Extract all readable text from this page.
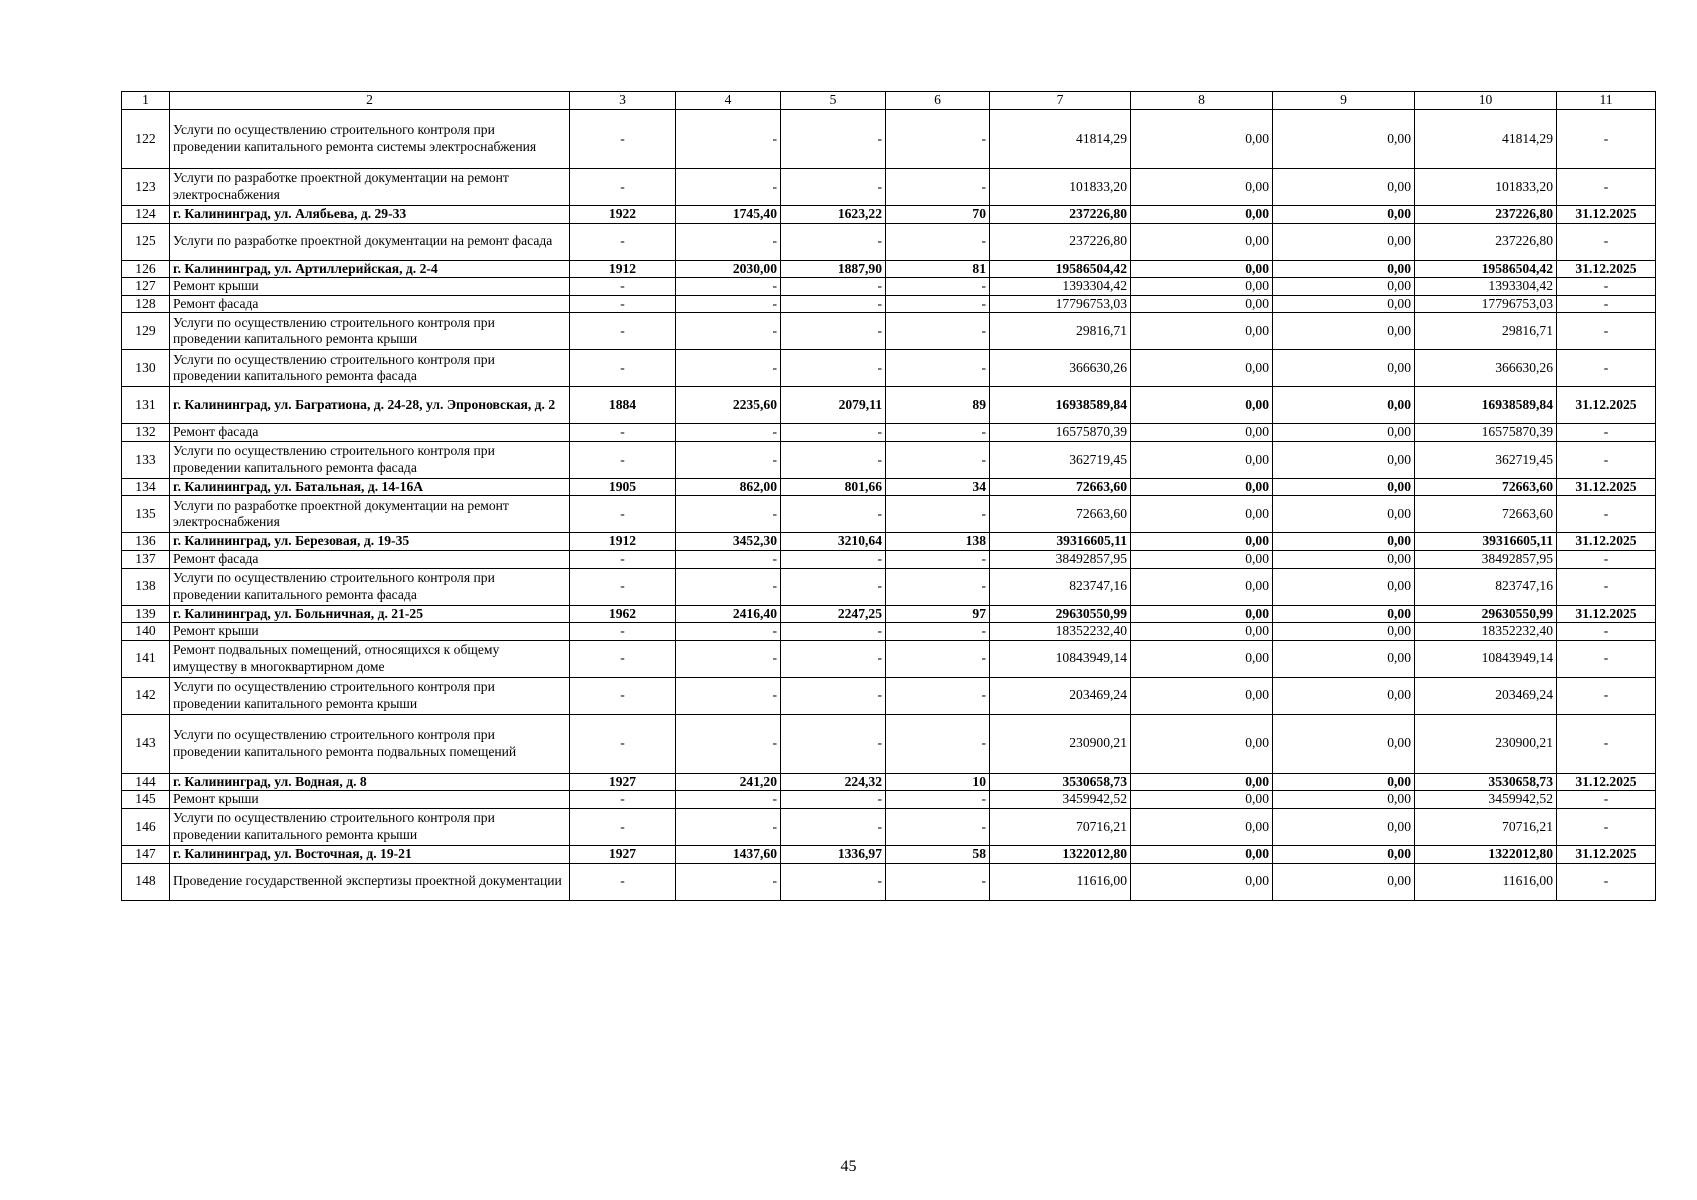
1	2	3	4	5	6	7	8	9	10	11
122	Услуги по осуществлению строительного контроля при проведении капитального ремонта системы электроснабжения	-	-	-	-	41814,29	0,00	0,00	41814,29	-
123	Услуги по разработке проектной документации на ремонт электроснабжения	-	-	-	-	101833,20	0,00	0,00	101833,20	-
124	г. Калининград, ул. Алябьева, д. 29-33	1922	1745,40	1623,22	70	237226,80	0,00	0,00	237226,80	31.12.2025
125	Услуги по разработке проектной документации на ремонт фасада	-	-	-	-	237226,80	0,00	0,00	237226,80	-
126	г. Калининград, ул. Артиллерийская, д. 2-4	1912	2030,00	1887,90	81	19586504,42	0,00	0,00	19586504,42	31.12.2025
127	Ремонт крыши	-	-	-	-	1393304,42	0,00	0,00	1393304,42	-
128	Ремонт фасада	-	-	-	-	17796753,03	0,00	0,00	17796753,03	-
129	Услуги по осуществлению строительного контроля при проведении капитального ремонта крыши	-	-	-	-	29816,71	0,00	0,00	29816,71	-
130	Услуги по осуществлению строительного контроля при проведении капитального ремонта фасада	-	-	-	-	366630,26	0,00	0,00	366630,26	-
131	г. Калининград, ул. Багратиона, д. 24-28, ул. Эпроновская, д. 2	1884	2235,60	2079,11	89	16938589,84	0,00	0,00	16938589,84	31.12.2025
132	Ремонт фасада	-	-	-	-	16575870,39	0,00	0,00	16575870,39	-
133	Услуги по осуществлению строительного контроля при проведении капитального ремонта фасада	-	-	-	-	362719,45	0,00	0,00	362719,45	-
134	г. Калининград, ул. Батальная, д. 14-16А	1905	862,00	801,66	34	72663,60	0,00	0,00	72663,60	31.12.2025
135	Услуги по разработке проектной документации на ремонт электроснабжения	-	-	-	-	72663,60	0,00	0,00	72663,60	-
136	г. Калининград, ул. Березовая, д. 19-35	1912	3452,30	3210,64	138	39316605,11	0,00	0,00	39316605,11	31.12.2025
137	Ремонт фасада	-	-	-	-	38492857,95	0,00	0,00	38492857,95	-
138	Услуги по осуществлению строительного контроля при проведении капитального ремонта фасада	-	-	-	-	823747,16	0,00	0,00	823747,16	-
139	г. Калининград, ул. Больничная, д. 21-25	1962	2416,40	2247,25	97	29630550,99	0,00	0,00	29630550,99	31.12.2025
140	Ремонт крыши	-	-	-	-	18352232,40	0,00	0,00	18352232,40	-
141	Ремонт подвальных помещений, относящихся к общему имуществу в многоквартирном доме	-	-	-	-	10843949,14	0,00	0,00	10843949,14	-
142	Услуги по осуществлению строительного контроля при проведении капитального ремонта крыши	-	-	-	-	203469,24	0,00	0,00	203469,24	-
143	Услуги по осуществлению строительного контроля при проведении капитального ремонта подвальных помещений	-	-	-	-	230900,21	0,00	0,00	230900,21	-
144	г. Калининград, ул. Водная, д. 8	1927	241,20	224,32	10	3530658,73	0,00	0,00	3530658,73	31.12.2025
145	Ремонт крыши	-	-	-	-	3459942,52	0,00	0,00	3459942,52	-
146	Услуги по осуществлению строительного контроля при проведении капитального ремонта крыши	-	-	-	-	70716,21	0,00	0,00	70716,21	-
147	г. Калининград, ул. Восточная, д. 19-21	1927	1437,60	1336,97	58	1322012,80	0,00	0,00	1322012,80	31.12.2025
148	Проведение государственной экспертизы проектной документации	-	-	-	-	11616,00	0,00	0,00	11616,00	-
45
